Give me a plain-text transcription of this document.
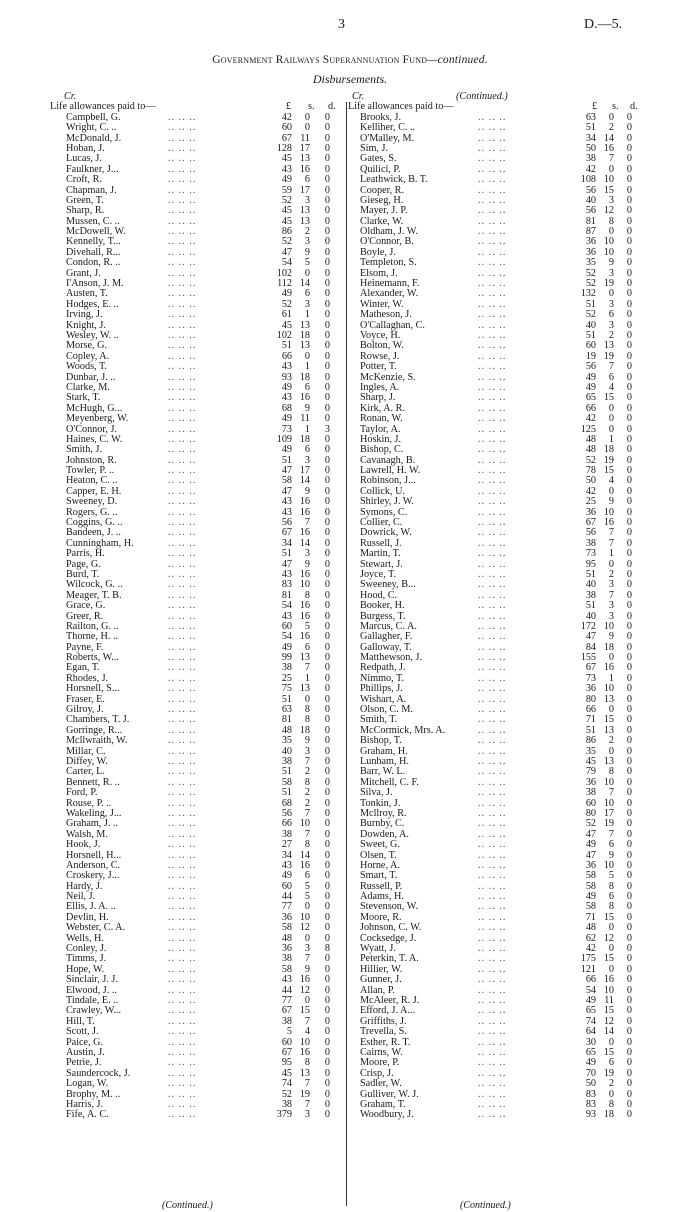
3	D.—5.
Government Railways Superannuation Fund—continued.
Disbursements.
Cr.
Life allowances paid to—	£ s. d.
Campbell, G.	42	0	0
.. .. ..
Wright, C. ..	60	0	0
.. .. ..
McDonald, J.	67 11	0
.. .. ..
Hoban, J.	128 17	0
.. .. ..
Lucas, J.	45 13	0
.. .. ..
Faulkner, J...	43 16	0
.. .. ..
Croft, R.	49	6	0
.. .. ..
Chapman, J.	59 17	0
.. .. ..
Green, T.	52	3	0
.. .. ..
Sharp, R.	45 13	0
.. .. ..
Mussen, C. ..	45 13	0
.. .. ..
McDowell, W.	86	2	0
.. .. ..
Kennelly, T...	52	3	0
.. .. ..
Divehall, R...	47	9	0
.. .. ..
Condon, R. ..	54	5	0
.. .. ..
Grant, J.	102	0	0
.. .. ..
I'Anson, J. M.	112 14	0
.. .. ..
Austen, T.	49	6	0
.. .. ..
Hodges, E. ..	52	3	0
.. .. ..
Irving, J.	61	1	0
.. .. ..
Knight, J.	45 13	0
.. .. ..
Wesley, W. ..	102 18	0
.. .. ..
Morse, G.	51 13	0
.. .. ..
Copley, A.	66	0	0
.. .. ..
Woods, T.	43	1	0
.. .. ..
Dunbar, J. ..	93 18	0
.. .. ..
Clarke, M.	49	6	0
.. .. ..
Stark, T.	43 16	0
.. .. ..
McHugh, G...	68	9	0
.. .. ..
Meyenberg, W.	49 11	0
.. .. ..
O'Connor, J.	73	1	3
.. .. ..
Haines, C. W.	109 18	0
.. .. ..
Smith, J.	49	6	0
.. .. ..
Johnston, R.	51	3	0
.. .. ..
Towler, P. ..	47 17	0
.. .. ..
Heaton, C. ..	58 14	0
.. .. ..
Capper, E. H.	47	9	0
.. .. ..
Sweeney, D.	43 16	0
.. .. ..
Rogers, G. ..	43 16	0
.. .. ..
Coggins, G. ..	56	7	0
.. .. ..
Bandeen, J. ..	67 16	0
.. .. ..
Cunningham, H.	34 14	0
.. .. ..
Parris, H.	51	3	0
.. .. ..
Page, G.	47	9	0
.. .. ..
Burd, T.	43 16	0
.. .. ..
Wilcock, G. ..	83 10	0
.. .. ..
Meager, T. B.	81	8	0
.. .. ..
Grace, G.	54 16	0
.. .. ..
Greer, R.	43 16	0
.. .. ..
Railton, G. ..	60	5	0
.. .. ..
Thorne, H. ..	54 16	0
.. .. ..
Payne, F.	49	6	0
.. .. ..
Roberts, W...	99 13	0
.. .. ..
Egan, T.	38	7	0
.. .. ..
Rhodes, J.	25	1	0
.. .. ..
Horsnell, S...	75 13	0
.. .. ..
Fraser, E.	51	0	0
.. .. ..
Gilroy, J.	63	8	0
.. .. ..
Chambers, T. J.	81	8	0
.. .. ..
Gorringe, R...	48 18	0
.. .. ..
Mcllwraith, W.	35	9	0
.. .. ..
Millar, C.	40	3	0
.. .. ..
Diffey, W.	38	7	0
.. .. ..
Carter, L.	51	2	0
.. .. ..
Bennett, R. ..	58	8	0
.. .. ..
Ford, P.	51	2	0
.. .. ..
Rouse, P. ..	68	2	0
.. .. ..
Wakeling, J...	56	7	0
.. .. ..
Graham, J. ..	66 10	0
.. .. ..
Walsh, M.	38	7	0
.. .. ..
Hook, J.	27	8	0
.. .. ..
Horsnell, H...	34 14	0
.. .. ..
Anderson, C.	43 16	0
.. .. ..
Croskery, J...	49	6	0
.. .. ..
Hardy, J.	60	5	0
.. .. ..
Neil, J.	44	5	0
.. .. ..
Ellis, J. A. ..	77	0	0
.. .. ..
Devlin, H.	36 10	0
.. .. ..
Webster, C. A.	58 12	0
.. .. ..
Wells, H.	48	0	0
.. .. ..
Conley, J.	36	3	8
.. .. ..
Timms, J.	38	7	0
.. .. ..
Hope, W.	58	9	0
.. .. ..
Sinclair, J. J.	43 16	0
.. .. ..
Elwood, J. ..	44 12	0
.. .. ..
Tindale, E. ..	77	0	0
.. .. ..
Crawley, W...	67 15	0
.. .. ..
Hill, T.	38	7	0
.. .. ..
Scott, J.	5	4	0
.. .. ..
Paice, G.	60 10	0
.. .. ..
Austin, J.	67 16	0
.. .. ..
Petrie, J.	95	8	0
.. .. ..
Saundercock, J.	45 13	0
.. .. ..
Logan, W.	74	7	0
.. .. ..
Brophy, M. ..	52 19	0
.. .. ..
Harris, J.	38	7	0
.. .. ..
Fife, A. C.	379	3	0
.. .. ..
Cr.	(Continued.)
Life allowances paid to—	£ s. d.
Brooks, J.	63	0	0
.. .. ..
Kelliher, C. ..	51	2	0
.. .. ..
O'Malley, M.	34 14	0
.. .. ..
Sim, J.	50 16	0
.. .. ..
Gates, S.	38	7	0
.. .. ..
Quilici, P.	42	0	0
.. .. ..
Leathwick, B. T.	108 10	0
.. .. ..
Cooper, R.	56 15	0
.. .. ..
Gieseg, H.	40	3	0
.. .. ..
Mayer, J. P.	56 12	0
.. .. ..
Clarke, W.	81	8	0
.. .. ..
Oldham, J. W.	87	0	0
.. .. ..
O'Connor, B.	36 10	0
.. .. ..
Boyle, J.	36 10	0
.. .. ..
Templeton, S.	35	9	0
.. .. ..
Elsom, J.	52	3	0
.. .. ..
Heinemann, F.	52 19	0
.. .. ..
Alexander, W.	132	0	0
.. .. ..
Winter, W.	51	3	0
.. .. ..
Matheson, J.	52	6	0
.. .. ..
O'Callaghan, C.	40	3	0
.. .. ..
Voyce, H.	51	2	0
.. .. ..
Bolton, W.	60 13	0
.. .. ..
Rowse, J.	19 19	0
.. .. ..
Potter, T.	56	7	0
.. .. ..
McKenzie, S.	49	6	0
.. .. ..
Ingles, A.	49	4	0
.. .. ..
Sharp, J.	65 15	0
.. .. ..
Kirk, A. R.	66	0	0
.. .. ..
Ronan, W.	42	0	0
.. .. ..
Taylor, A.	125	0	0
.. .. ..
Hoskin, J.	48	1	0
.. .. ..
Bishop, C.	48 18	0
.. .. ..
Cavanagh, B.	52 19	0
.. .. ..
Lawrell, H. W.	78 15	0
.. .. ..
Robinson, J...	50	4	0
.. .. ..
Collick, U.	42	0	0
.. .. ..
Shirley, J. W.	25	9	0
.. .. ..
Symons, C.	36 10	0
.. .. ..
Collier, C.	67 16	0
.. .. ..
Dowrick, W.	56	7	0
.. .. ..
Russell, J.	38	7	0
.. .. ..
Martin, T.	73	1	0
.. .. ..
Stewart, J.	95	0	0
.. .. ..
Joyce, T.	51	2	0
.. .. ..
Sweeney, B...	40	3	0
.. .. ..
Hood, C.	38	7	0
.. .. ..
Booker, H.	51	3	0
.. .. ..
Burgess, T.	40	3	0
.. .. ..
Marcus, C. A.	172 10	0
.. .. ..
Gallagher, F.	47	9	0
.. .. ..
Galloway, T.	84 18	0
.. .. ..
Matthewson, J.	155	0	0
.. .. ..
Redpath, J.	67 16	0
.. .. ..
Nimmo, T.	73	1	0
.. .. ..
Phillips, J.	36 10	0
.. .. ..
Wishart, A.	80 13	0
.. .. ..
Olson, C. M.	66	0	0
.. .. ..
Smith, T.	71 15	0
.. .. ..
McCormick, Mrs. A.	51 13	0
.. .. ..
Bishop, T.	86	2	0
.. .. ..
Graham, H.	35	0	0
.. .. ..
Lunham, H.	45 13	0
.. .. ..
Barr, W. L.	79	8	0
.. .. ..
Mitchell, C. F.	36 10	0
.. .. ..
Silva, J.	38	7	0
.. .. ..
Tonkin, J.	60 10	0
.. .. ..
Mcllroy, R.	80 17	0
.. .. ..
Burnby, C.	52 19	0
.. .. ..
Dowden, A.	47	7	0
.. .. ..
Sweet, G.	49	6	0
.. .. ..
Olsen, T.	47	9	0
.. .. ..
Horne, A.	36 10	0
.. .. ..
Smart, T.	58	5	0
.. .. ..
Russell, P.	58	8	0
.. .. ..
Adams, H.	49	6	0
.. .. ..
Stevenson, W.	58	8	0
.. .. ..
Moore, R.	71 15	0
.. .. ..
Johnson, C. W.	48	0	0
.. .. ..
Cocksedge, J.	62 12	0
.. .. ..
Wyatt, J.	42	0	0
.. .. ..
Peterkin, T. A.	175 15	0
.. .. ..
Hillier, W.	121	0	0
.. .. ..
Gunner, J.	66 16	0
.. .. ..
Allan, P.	54 10	0
.. .. ..
McAleer, R. J.	49 11	0
.. .. ..
Efford, J. A...	65 15	0
.. .. ..
Griffiths, J.	74 12	0
.. .. ..
Trevella, S.	64 14	0
.. .. ..
Esther, R. T.	30	0	0
.. .. ..
Cairns, W.	65 15	0
.. .. ..
Moore, P.	49	6	0
.. .. ..
Crisp, J.	70 19	0
.. .. ..
Sadler, W.	50	2	0
.. .. ..
Gulliver, W. J.	83	0	0
.. .. ..
Graham, T.	83	8	0
.. .. ..
Woodbury, J.	93 18	0
.. .. ..
(Continued.)	(Continued.)
